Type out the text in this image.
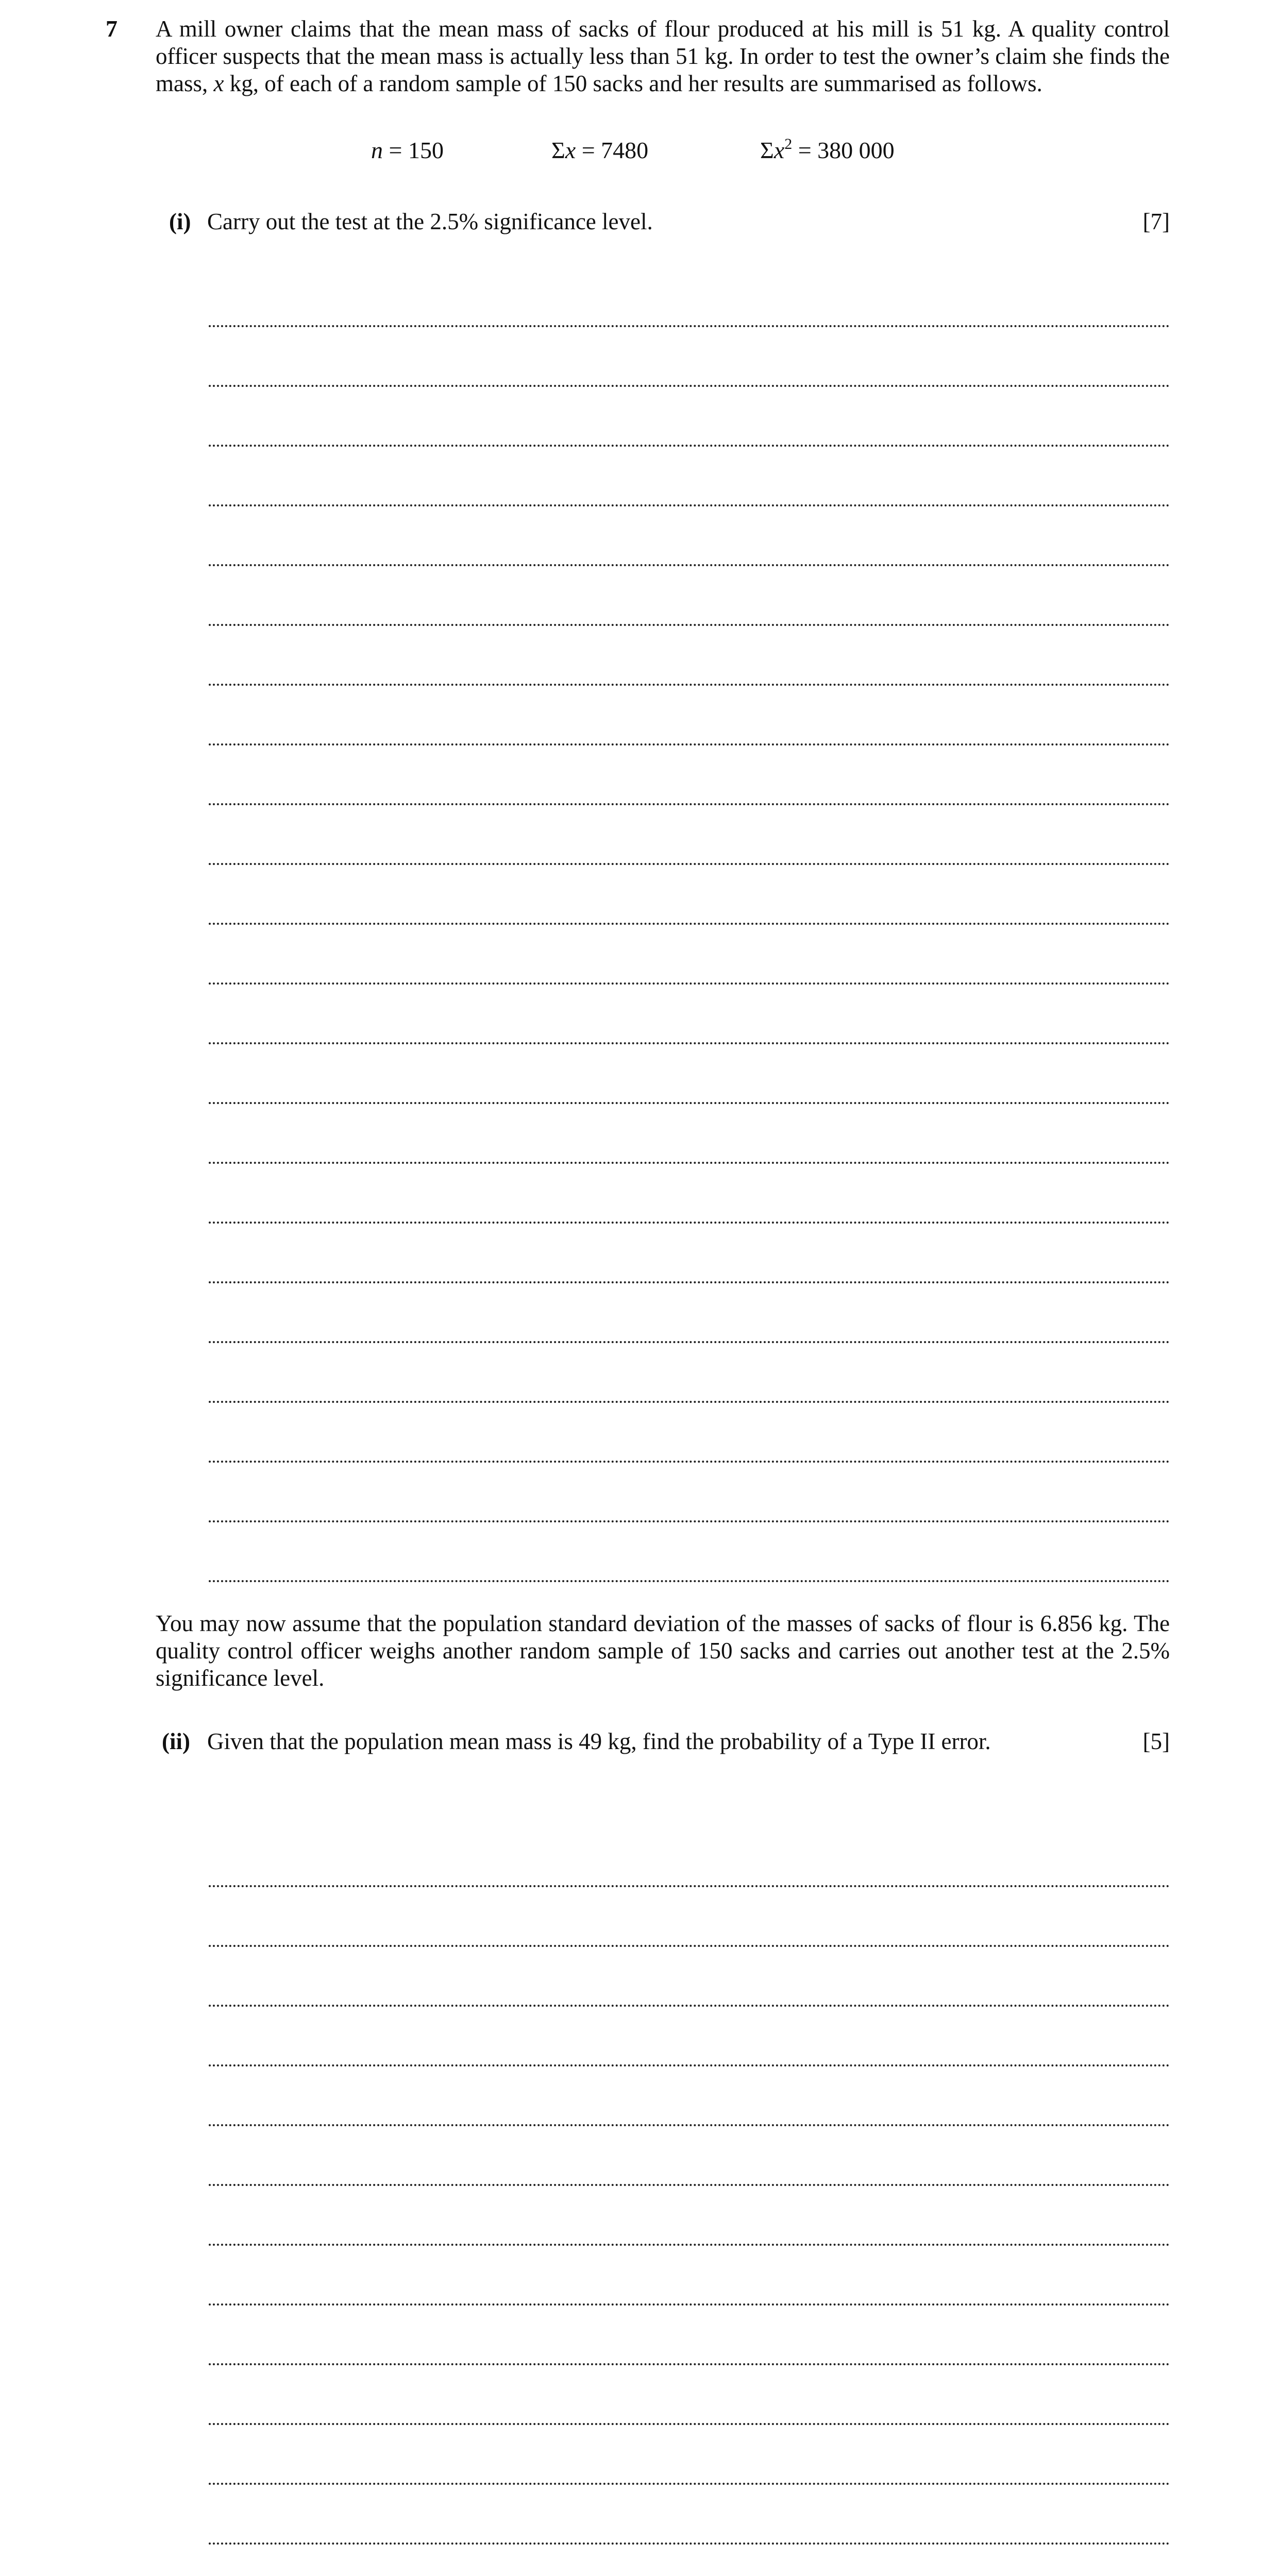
7 A mill owner claims that the mean mass of sacks of flour produced at his mill is 51 kg. A quality control officer suspects that the mean mass is actually less than 51 kg. In order to test the owner’s claim she finds the mass, x kg, of each of a random sample of 150 sacks and her results are summarised as follows.
n = 150	Σx = 7480	$\Sigma x^2 = 380$ 000
(i) Carry out the test at the 2.5% significance level.	[7]
You may now assume that the population standard deviation of the masses of sacks of flour is 6.856 kg. The quality control officer weighs another random sample of 150 sacks and carries out another test at the 2.5% significance level.
(ii) Given that the population mean mass is 49 kg, find the probability of a Type II error.	[5]
